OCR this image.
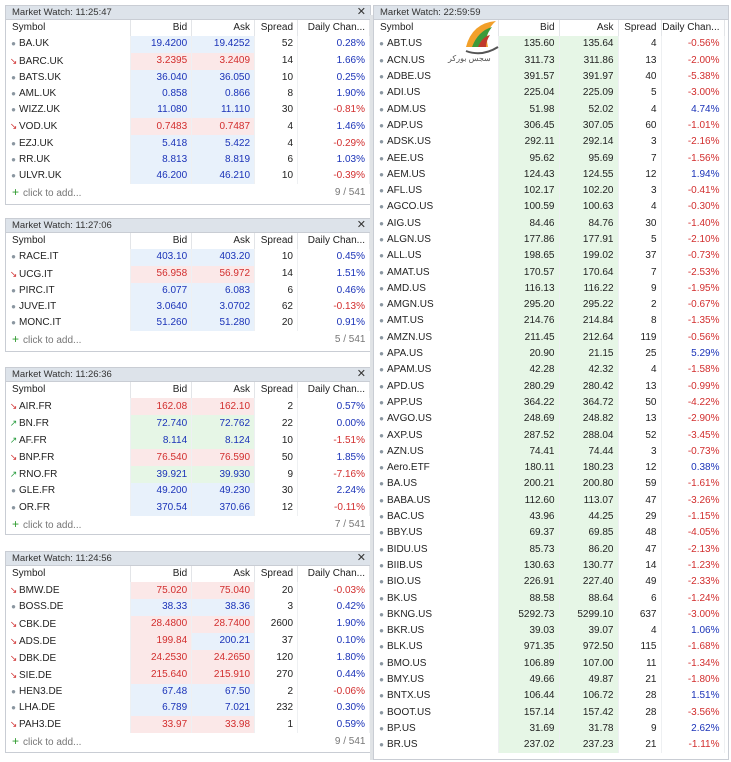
Market Watch: 11:25:47	✕
Symbol	Bid	Ask	Spread	Daily Chan...
● BA.UK	19.4200	19.4252	52	0.28%
↘ BARC.UK	3.2395	3.2409	14	1.66%
● BATS.UK	36.040	36.050	10	0.25%
● AML.UK	0.858	0.866	8	1.90%
● WIZZ.UK	11.080	11.110	30	-0.81%
↘ VOD.UK	0.7483	0.7487	4	1.46%
● EZJ.UK	5.418	5.422	4	-0.29%
● RR.UK	8.813	8.819	6	1.03%
● ULVR.UK	46.200	46.210	10	-0.39%
+ click to add...			9 / 541	
Market Watch: 11:27:06	✕
Symbol	Bid	Ask	Spread	Daily Chan...
● RACE.IT	403.10	403.20	10	0.45%
↘ UCG.IT	56.958	56.972	14	1.51%
● PIRC.IT	6.077	6.083	6	0.46%
● JUVE.IT	3.0640	3.0702	62	-0.13%
● MONC.IT	51.260	51.280	20	0.91%
+ click to add...			5 / 541	
Market Watch: 11:26:36	✕
Symbol	Bid	Ask	Spread	Daily Chan...
↘ AIR.FR	162.08	162.10	2	0.57%
↗ BN.FR	72.740	72.762	22	0.00%
↗ AF.FR	8.114	8.124	10	-1.51%
↘ BNP.FR	76.540	76.590	50	1.85%
↗ RNO.FR	39.921	39.930	9	-7.16%
● GLE.FR	49.200	49.230	30	2.24%
● OR.FR	370.54	370.66	12	-0.11%
+ click to add...			7 / 541	
Market Watch: 11:24:56	✕
Symbol	Bid	Ask	Spread	Daily Chan...
↘ BMW.DE	75.020	75.040	20	-0.03%
● BOSS.DE	38.33	38.36	3	0.42%
↘ CBK.DE	28.4800	28.7400	2600	1.90%
↘ ADS.DE	199.84	200.21	37	0.10%
↘ DBK.DE	24.2530	24.2650	120	1.80%
↘ SIE.DE	215.640	215.910	270	0.44%
● HEN3.DE	67.48	67.50	2	-0.06%
● LHA.DE	6.789	7.021	232	0.30%
↘ PAH3.DE	33.97	33.98	1	0.59%
+ click to add...			9 / 541	
Market Watch: 22:59:59
Symbol	Bid	Ask	Spread	Daily Chan...
● ABT.US	135.60	135.64	4	-0.56%
● ACN.US	311.73	311.86	13	-2.00%
● ADBE.US	391.57	391.97	40	-5.38%
● ADI.US	225.04	225.09	5	-3.00%
● ADM.US	51.98	52.02	4	4.74%
● ADP.US	306.45	307.05	60	-1.01%
● ADSK.US	292.11	292.14	3	-2.16%
● AEE.US	95.62	95.69	7	-1.56%
● AEM.US	124.43	124.55	12	1.94%
● AFL.US	102.17	102.20	3	-0.41%
● AGCO.US	100.59	100.63	4	-0.30%
● AIG.US	84.46	84.76	30	-1.40%
● ALGN.US	177.86	177.91	5	-2.10%
● ALL.US	198.65	199.02	37	-0.73%
● AMAT.US	170.57	170.64	7	-2.53%
● AMD.US	116.13	116.22	9	-1.95%
● AMGN.US	295.20	295.22	2	-0.67%
● AMT.US	214.76	214.84	8	-1.35%
● AMZN.US	211.45	212.64	119	-0.56%
● APA.US	20.90	21.15	25	5.29%
● APAM.US	42.28	42.32	4	-1.58%
● APD.US	280.29	280.42	13	-0.99%
● APP.US	364.22	364.72	50	-4.22%
● AVGO.US	248.69	248.82	13	-2.90%
● AXP.US	287.52	288.04	52	-3.45%
● AZN.US	74.41	74.44	3	-0.73%
● Aero.ETF	180.11	180.23	12	0.38%
● BA.US	200.21	200.80	59	-1.61%
● BABA.US	112.60	113.07	47	-3.26%
● BAC.US	43.96	44.25	29	-1.15%
● BBY.US	69.37	69.85	48	-4.05%
● BIDU.US	85.73	86.20	47	-2.13%
● BIIB.US	130.63	130.77	14	-1.23%
● BIO.US	226.91	227.40	49	-2.33%
● BK.US	88.58	88.64	6	-1.24%
● BKNG.US	5292.73	5299.10	637	-3.00%
● BKR.US	39.03	39.07	4	1.06%
● BLK.US	971.35	972.50	115	-1.68%
● BMO.US	106.89	107.00	11	-1.34%
● BMY.US	49.66	49.87	21	-1.80%
● BNTX.US	106.44	106.72	28	1.51%
● BOOT.US	157.14	157.42	28	-3.56%
● BP.US	31.69	31.78	9	2.62%
● BR.US	237.02	237.23	21	-1.11%
سجس بورکر
